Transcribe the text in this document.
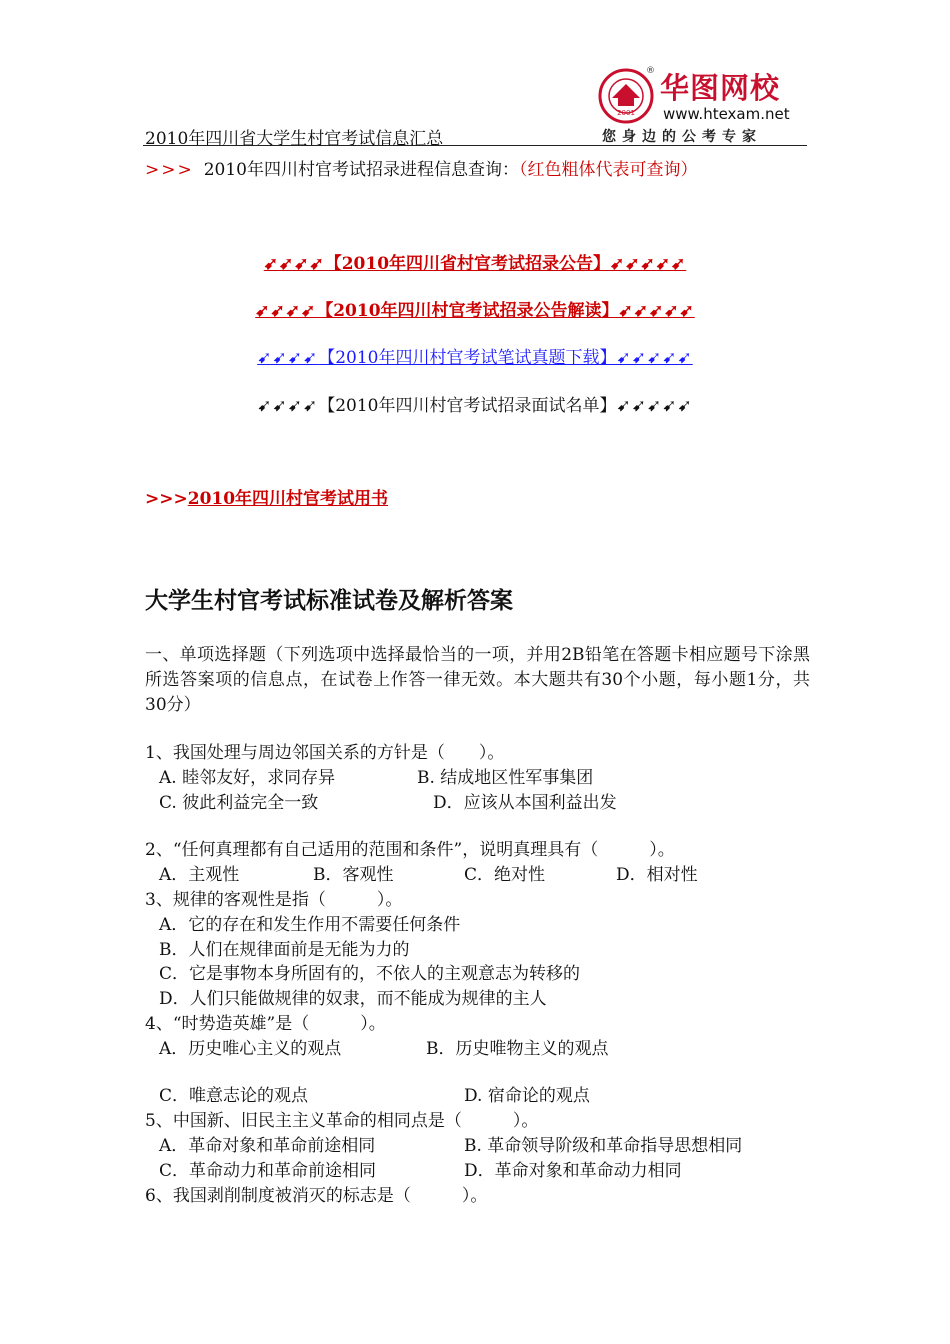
2001
® 华图网校
www.htexam.net
您身边的公考专家
2010年四川省大学生村官考试信息汇总
>>> 2010年四川村官考试招录进程信息查询：（红色粗体代表可查询）
➹➹➹➹【2010年四川省村官考试招录公告】➹➹➹➹➹
➹➹➹➹【2010年四川村官考试招录公告解读】➹➹➹➹➹
➹➹➹➹【2010年四川村官考试笔试真题下载】➹➹➹➹➹
➹➹➹➹【2010年四川村官考试招录面试名单】➹➹➹➹➹
>>>2010年四川村官考试用书
大学生村官考试标准试卷及解析答案
一、单项选择题（下列选项中选择最恰当的一项，并用2B铅笔在答题卡相应题号下涂黑所选答案项的信息点，在试卷上作答一律无效。本大题共有30个小题，每小题1分，共30分）
1、我国处理与周边邻国关系的方针是（　　）。
A. 睦邻友好，求同存异	B. 结成地区性军事集团
C. 彼此利益完全一致	D．应该从本国利益出发
2、“任何真理都有自己适用的范围和条件”，说明真理具有（　　　）。
A．主观性	B．客观性	C．绝对性	D．相对性
3、规律的客观性是指（　　　）。
A．它的存在和发生作用不需要任何条件
B．人们在规律面前是无能为力的
C．它是事物本身所固有的，不依人的主观意志为转移的
D．人们只能做规律的奴隶，而不能成为规律的主人
4、“时势造英雄”是（　　　）。
A．历史唯心主义的观点	B．历史唯物主义的观点
C．唯意志论的观点	D. 宿命论的观点
5、中国新、旧民主主义革命的相同点是（　　　）。
A．革命对象和革命前途相同	B. 革命领导阶级和革命指导思想相同
C．革命动力和革命前途相同	D．革命对象和革命动力相同
6、我国剥削制度被消灭的标志是（　　　）。
